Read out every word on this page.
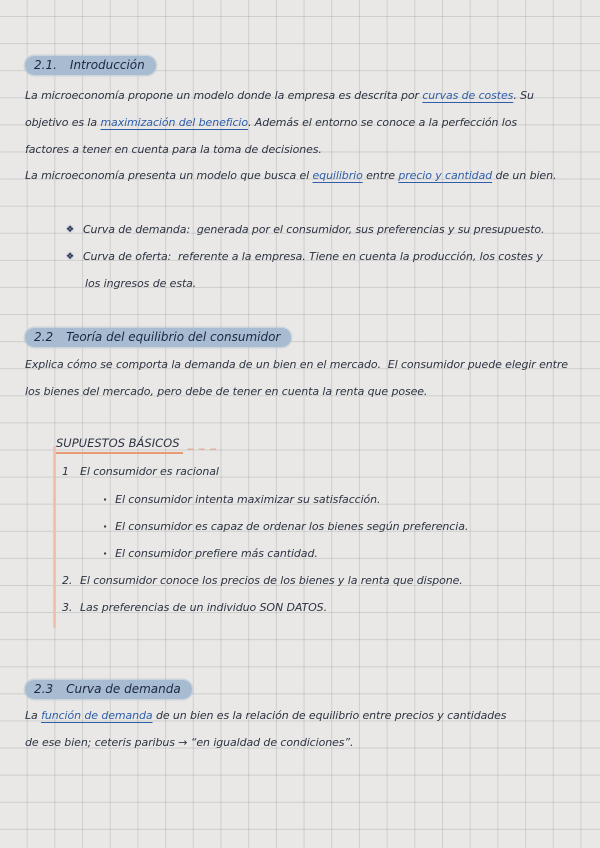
2.1. Introducción
La microeconomía propone un modelo donde la empresa es descrita por curvas de costes. Su
objetivo es la maximización del beneficio. Además el entorno se conoce a la perfección los
factores a tener en cuenta para la toma de decisiones.
La microeconomía presenta un modelo que busca el equilibrio entre precio y cantidad de un bien.
❖ Curva de demanda:  generada por el consumidor, sus preferencias y su presupuesto.
❖ Curva de oferta:  referente a la empresa. Tiene en cuenta la producción, los costes y
los ingresos de esta.
2.2 Teoría del equilibrio del consumidor
Explica cómo se comporta la demanda de un bien en el mercado.  El consumidor puede elegir entre
los bienes del mercado, pero debe de tener en cuenta la renta que posee.
SUPUESTOS BÁSICOS _ _ _
1 El consumidor es racional
· El consumidor intenta maximizar su satisfacción.
· El consumidor es capaz de ordenar los bienes según preferencia.
· El consumidor prefiere más cantidad.
2. El consumidor conoce los precios de los bienes y la renta que dispone.
3. Las preferencias de un individuo SON DATOS.
2.3 Curva de demanda
La función de demanda de un bien es la relación de equilibrio entre precios y cantidades
de ese bien; ceteris paribus → “en igualdad de condiciones”.
